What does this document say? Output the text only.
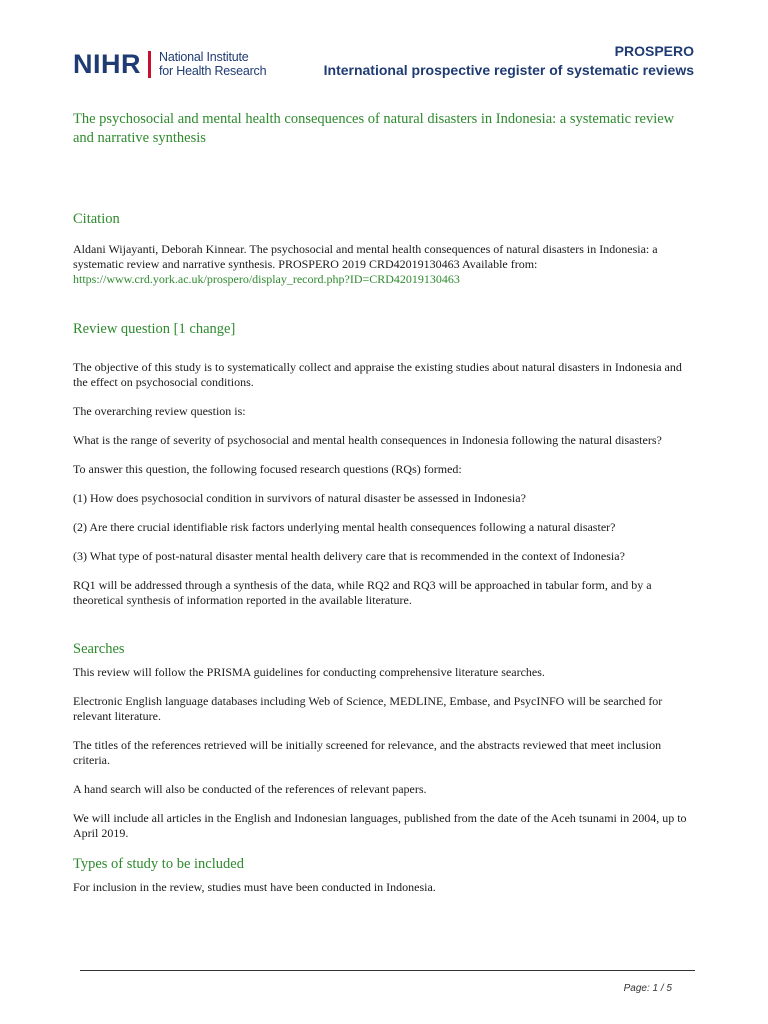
NIHR National Institute
for Health Research
PROSPERO
International prospective register of systematic reviews
The psychosocial and mental health consequences of natural disasters in Indonesia: a systematic review and narrative synthesis
Citation

Aldani Wijayanti, Deborah Kinnear. The psychosocial and mental health consequences of natural disasters in Indonesia: a systematic review and narrative synthesis. PROSPERO 2019 CRD42019130463 Available from:
https://www.crd.york.ac.uk/prospero/display_record.php?ID=CRD42019130463

Review question [1 change]

The objective of this study is to systematically collect and appraise the existing studies about natural disasters in Indonesia and the effect on psychosocial conditions.

The overarching review question is:

What is the range of severity of psychosocial and mental health consequences in Indonesia following the natural disasters?

To answer this question, the following focused research questions (RQs) formed:

(1) How does psychosocial condition in survivors of natural disaster be assessed in Indonesia?

(2) Are there crucial identifiable risk factors underlying mental health consequences following a natural disaster?

(3) What type of post-natural disaster mental health delivery care that is recommended in the context of Indonesia?

RQ1 will be addressed through a synthesis of the data, while RQ2 and RQ3 will be approached in tabular form, and by a theoretical synthesis of information reported in the available literature.

Searches

This review will follow the PRISMA guidelines for conducting comprehensive literature searches.

Electronic English language databases including Web of Science, MEDLINE, Embase, and PsycINFO will be searched for relevant literature.

The titles of the references retrieved will be initially screened for relevance, and the abstracts reviewed that meet inclusion criteria.

A hand search will also be conducted of the references of relevant papers.

We will include all articles in the English and Indonesian languages, published from the date of the Aceh tsunami in 2004, up to April 2019.

Types of study to be included

For inclusion in the review, studies must have been conducted in Indonesia.

Page: 1 / 5
